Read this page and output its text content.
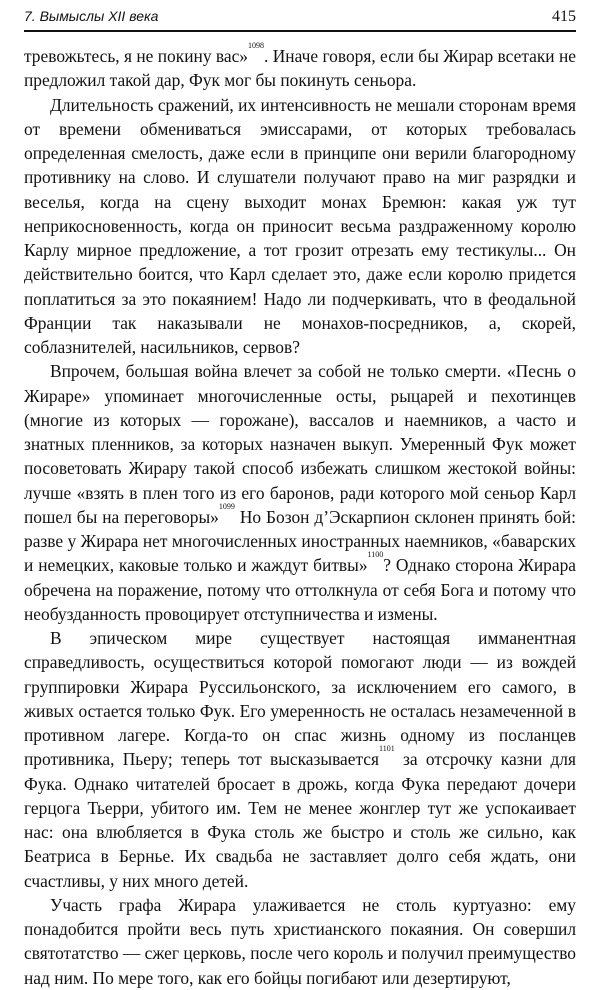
7. Вымыслы XII века	415

тревожьтесь, я не покину вас»$^{1098}$. Иначе говоря, если бы Жирар всетаки не предложил такой дар, Фук мог бы покинуть сеньора.

Длительность сражений, их интенсивность не мешали сторонам время от времени обмениваться эмиссарами, от которых требовалась определенная смелость, даже если в принципе они верили благородному противнику на слово. И слушатели получают право на миг разрядки и веселья, когда на сцену выходит монах Бремюн: какая уж тут неприкосновенность, когда он приносит весьма раздраженному королю Карлу мирное предложение, а тот грозит отрезать ему тестикулы... Он действительно боится, что Карл сделает это, даже если королю придется поплатиться за это покаянием! Надо ли подчеркивать, что в феодальной Франции так наказывали не монахов-посредников, а, скорей, соблазнителей, насильников, сервов?

Впрочем, большая война влечет за собой не только смерти. «Песнь о Жираре» упоминает многочисленные осты, рыцарей и пехотинцев (многие из которых — горожане), вассалов и наемников, а часто и знатных пленников, за которых назначен выкуп. Умеренный Фук может посоветовать Жирару такой способ избежать слишком жестокой войны: лучше «взять в плен того из его баронов, ради которого мой сеньор Карл пошел бы на переговоры»$^{1099}$ Но Бозон д’Эскарпион склонен принять бой: разве у Жирара нет многочисленных иностранных наемников, «баварских и немецких, каковые только и жаждут битвы»$^{1100}$? Однако сторона Жирара обречена на поражение, потому что оттолкнула от себя Бога и потому что необузданность провоцирует отступничества и измены.

В эпическом мире существует настоящая имманентная справедливость, осуществиться которой помогают люди — из вождей группировки Жирара Руссильонского, за исключением его самого, в живых остается только Фук. Его умеренность не осталась незамеченной в противном лагере. Когда-то он спас жизнь одному из посланцев противника, Пьеру; теперь тот высказывается$^{1101}$ за отсрочку казни для Фука. Однако читателей бросает в дрожь, когда Фука передают дочери герцога Тьерри, убитого им. Тем не менее жонглер тут же успокаивает нас: она влюбляется в Фука столь же быстро и столь же сильно, как Беатриса в Бернье. Их свадьба не заставляет долго себя ждать, они счастливы, у них много детей.

Участь графа Жирара улаживается не столь куртуазно: ему понадобится пройти весь путь христианского покаяния. Он совершил святотатство — сжег церковь, после чего король и получил преимущество над ним. По мере того, как его бойцы погибают или дезертируют,
